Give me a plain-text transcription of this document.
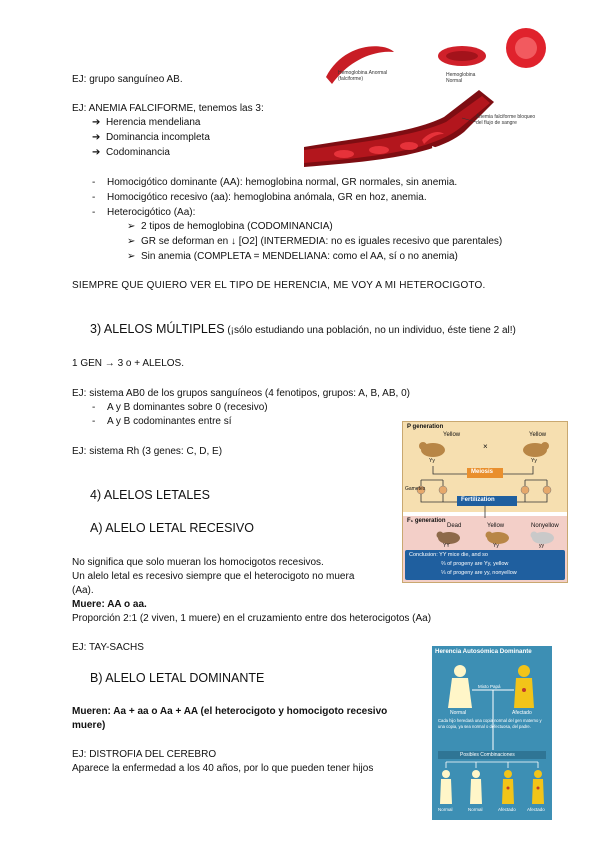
Hemoglobina Anormal (falciforme)
Hemoglobina Normal
Anemia falciforme bloqueo del flujo de sangre
EJ: grupo sanguíneo AB.
EJ: ANEMIA FALCIFORME, tenemos las 3:
➔ Herencia mendeliana
➔ Dominancia incompleta
➔ Codominancia
- Homocigótico dominante (AA): hemoglobina normal, GR normales, sin anemia.
- Homocigótico recesivo (aa): hemoglobina anómala, GR en hoz, anemia.
- Heterocigótico (Aa):
➢ 2 tipos de hemoglobina (CODOMINANCIA)
➢ GR se deforman en ↓ [O2] (INTERMEDIA: no es iguales recesivo que parentales)
➢ Sin anemia (COMPLETA = MENDELIANA: como el AA, sí o no anemia)
SIEMPRE QUE QUIERO VER EL TIPO DE HERENCIA, ME VOY A MI HETEROCIGOTO.
3) ALELOS MÚLTIPLES (¡sólo estudiando una población, no un individuo, éste tiene 2 al!)
1 GEN → 3 o + ALELOS.
EJ: sistema AB0 de los grupos sanguíneos (4 fenotipos, grupos: A, B, AB, 0)
- A y B dominantes sobre 0 (recesivo)
- A y B codominantes entre sí
EJ: sistema Rh (3 genes: C, D, E)
4) ALELOS LETALES
A) ALELO LETAL RECESIVO
No significa que solo mueran los homocigotos recesivos.
Un alelo letal es recesivo siempre que el heterocigoto no muera
(Aa).
Muere: AA o aa.
Proporción 2:1 (2 viven, 1 muere) en el cruzamiento entre dos heterocigotos (Aa)
EJ: TAY-SACHS
B) ALELO LETAL DOMINANTE
Mueren: Aa + aa o Aa + AA (el heterocigoto y homocigoto recesivo
muere)
EJ: DISTROFIA DEL CEREBRO
Aparece la enfermedad a los 40 años, por lo que pueden tener hijos
P generation
Yellow	Yellow
×
Yy	Yy
Meiosis
Gametes
Fertilization
F₁ generation
Dead	Yellow	Nonyellow
YY	Yy	yy
Conclusion: YY mice die, and so
⅔ of progeny are Yy, yellow
⅓ of progeny are yy, nonyellow
Herencia Autosómica Dominante
Mixto Papá
Normal	Afectado
Cada hijo heredará una copia normal del gen materno y una copia, ya sea normal o defectuosa, del padre.
Posibles Combinaciones
Normal	Normal	Afectado Afectado
